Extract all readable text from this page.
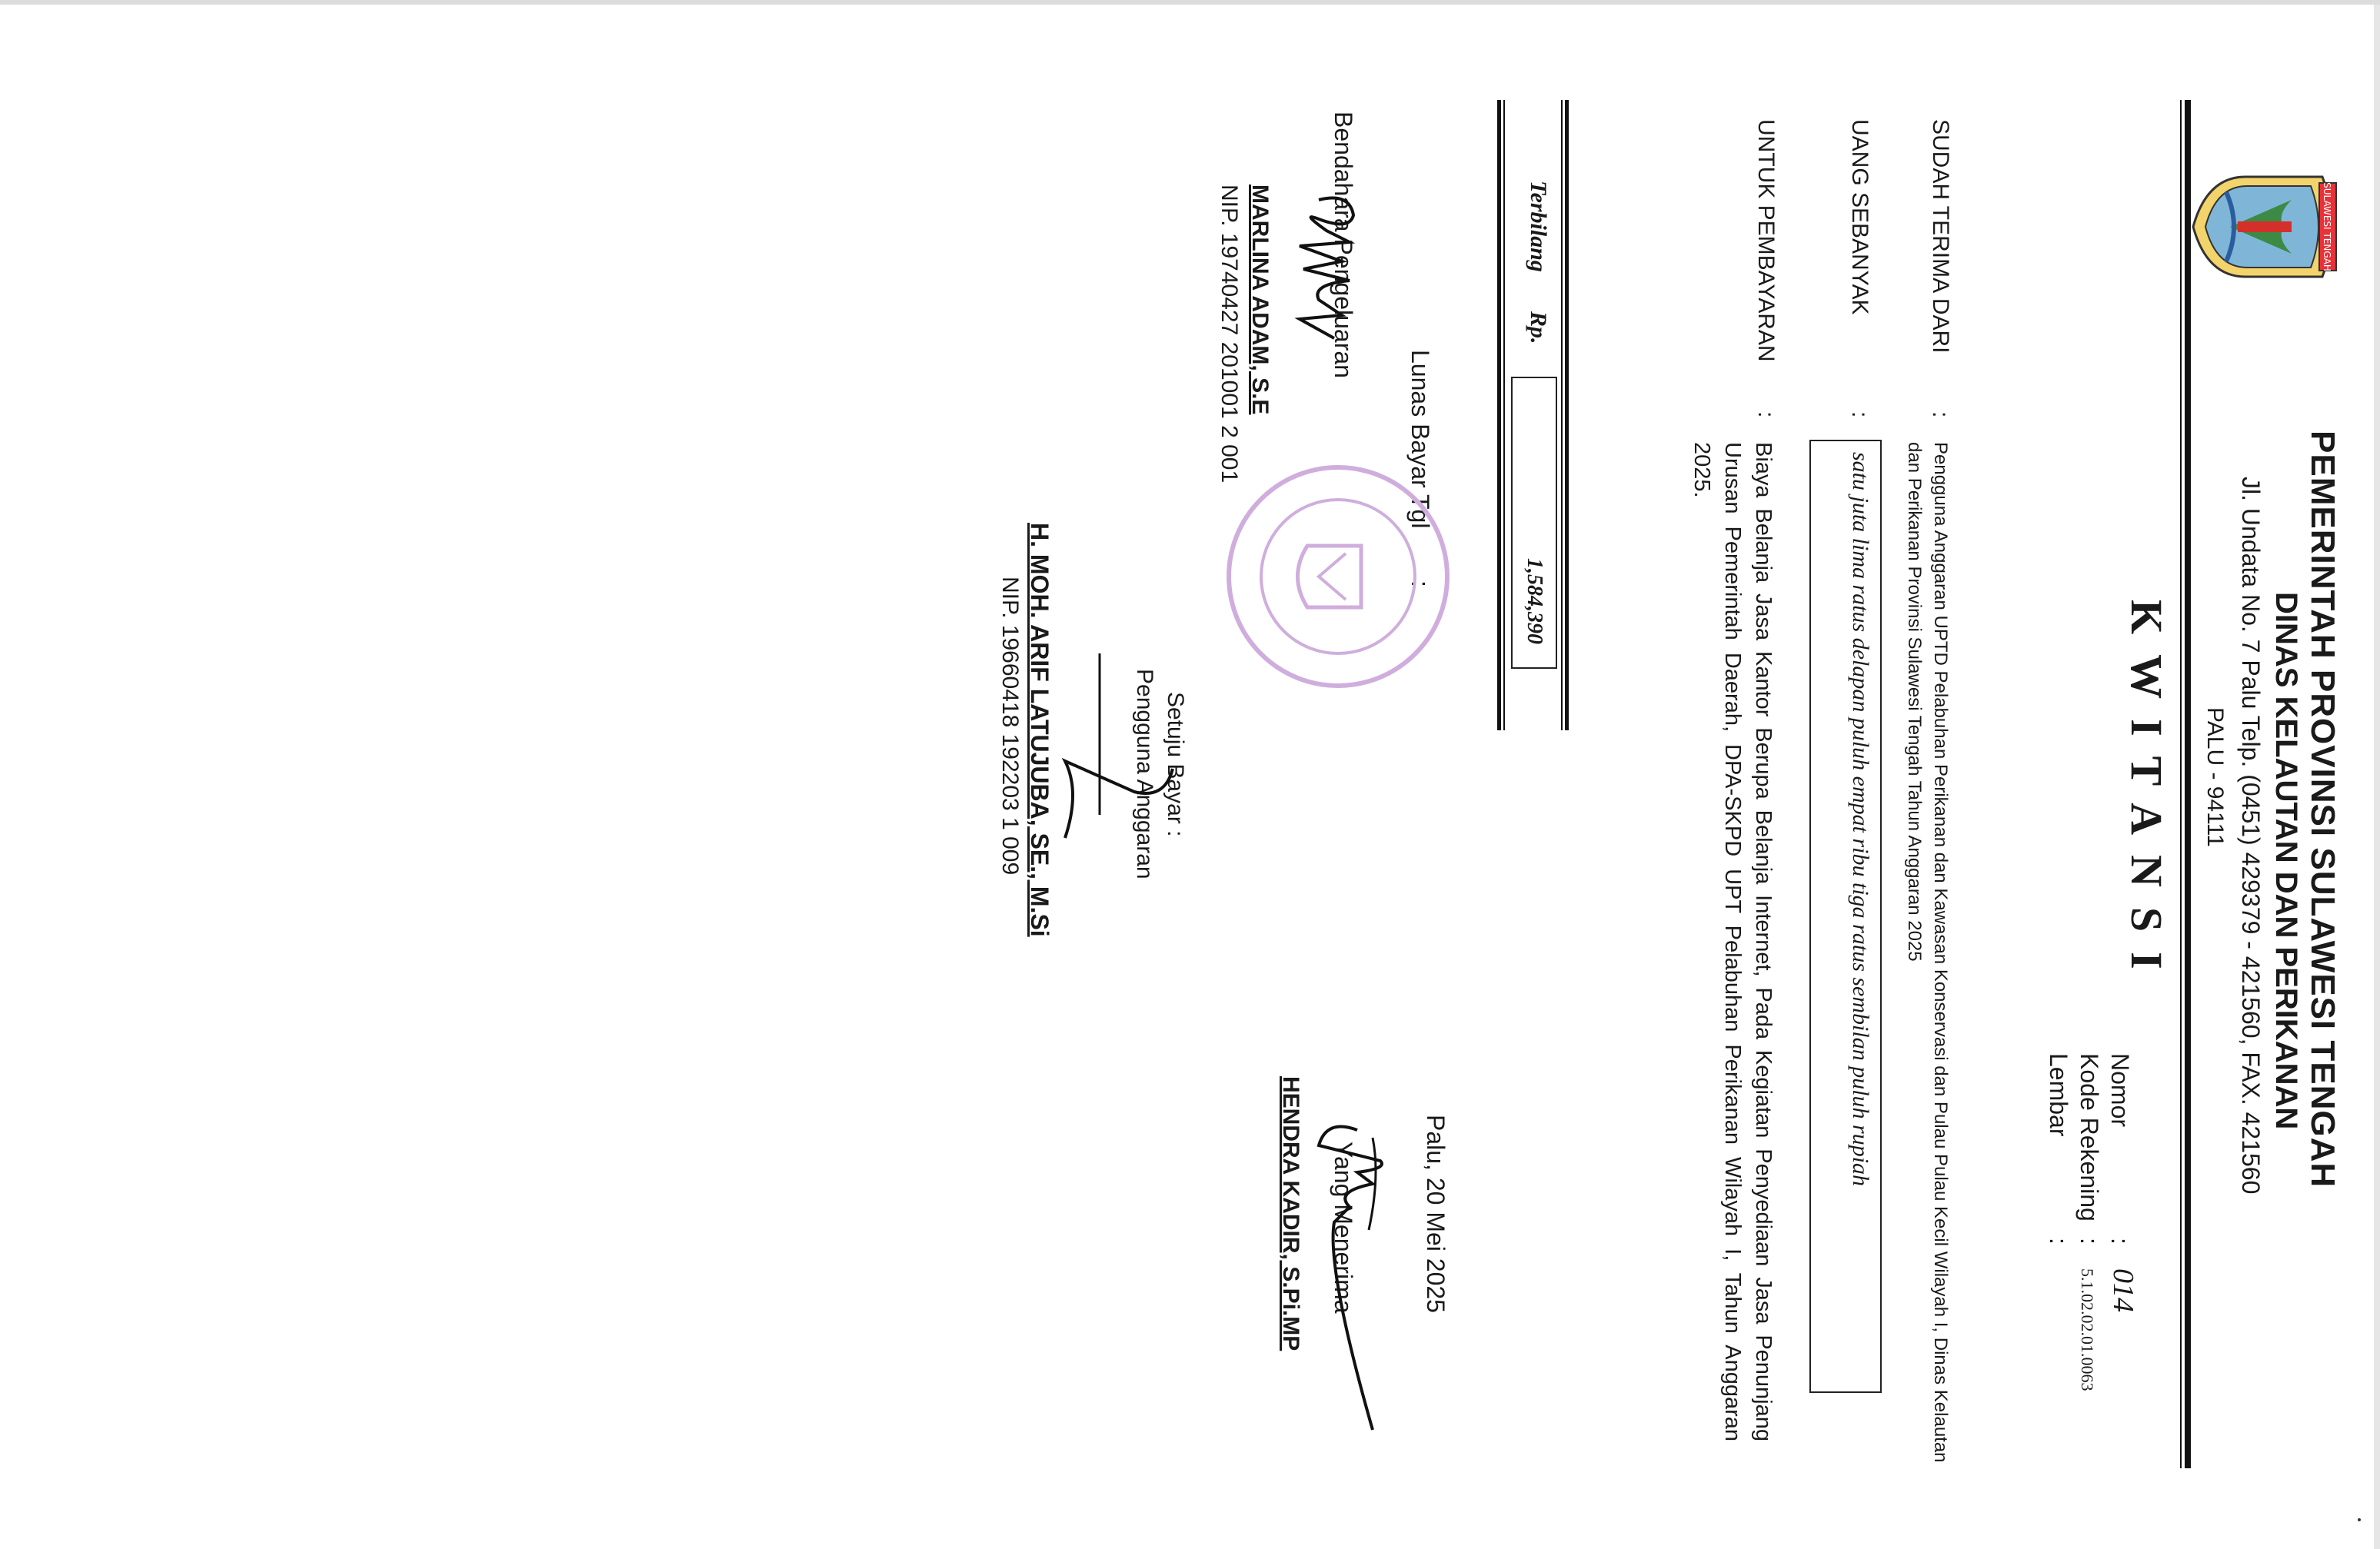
SULAWESI TENGAH
PEMERINTAH PROVINSI SULAWESI TENGAH
DINAS KELAUTAN DAN PERIKANAN
Jl. Undata No. 7 Palu Telp. (0451) 429379 - 421560, FAX. 421560
PALU - 94111
KWITANSI
Nomor
:
014
Kode Rekening
:
5.1.02.02.01.0063
Lembar
:
SUDAH TERIMA DARI
:
Pengguna Anggaran UPTD Pelabuhan Perikanan dan Kawasan Konservasi dan Pulau Pulau Kecil Wilayah I, Dinas Kelautan dan Perikanan Provinsi Sulawesi Tengah Tahun Anggaran 2025
UANG SEBANYAK
:
satu juta lima ratus delapan puluh empat ribu tiga ratus sembilan puluh rupiah
UNTUK PEMBAYARAN
:
Biaya Belanja Jasa Kantor Berupa Belanja Internet, Pada Kegiatan Penyediaan Jasa Penunjang Urusan Pemerintah Daerah, DPA-SKPD UPT Pelabuhan Perikanan Wilayah I, Tahun Anggaran 2025.
Terbilang
Rp.
1,584,390
Palu, 20 Mei 2025
Lunas Bayar Tgl
:
Bendahara Pengeluaran
Yang Menerima
MARLINA ADAM, S.E
NIP. 19740427 201001 2 001
HENDRA KADIR, S.Pi.MP
Setuju Bayar :
Pengguna Anggaran
H. MOH. ARIF LATUJUBA, SE., M.Si
NIP. 19660418 192203 1 009
